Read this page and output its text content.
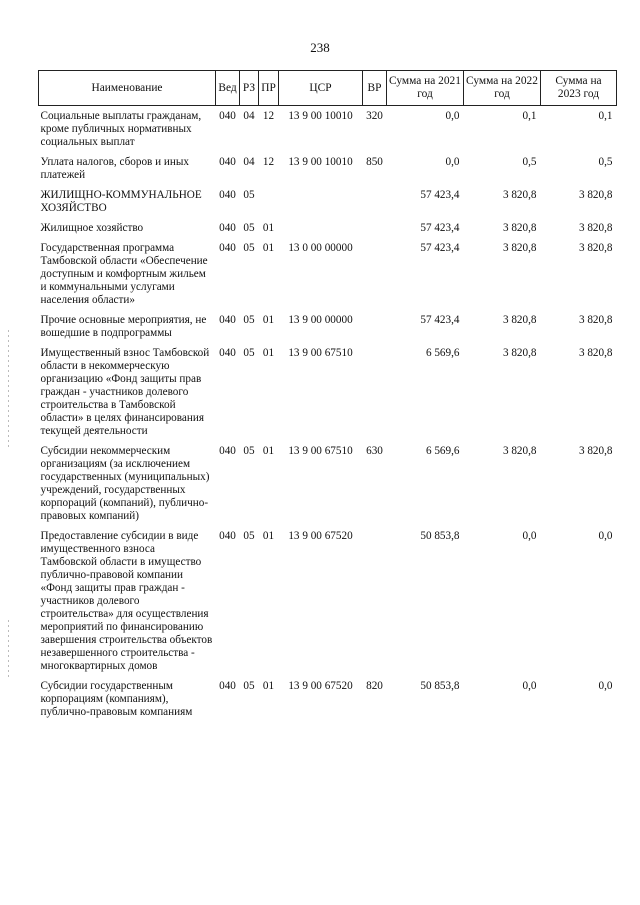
238
Наименование	Вед	РЗ	ПР	ЦСР	ВР	Сумма на 2021 год	Сумма на 2022 год	Сумма на 2023 год
Социальные выплаты гражданам, кроме публичных нормативных социальных выплат	040	04	12	13 9 00 10010	320	0,0	0,1	0,1
Уплата налогов, сборов и иных платежей	040	04	12	13 9 00 10010	850	0,0	0,5	0,5
ЖИЛИЩНО-КОММУНАЛЬНОЕ ХОЗЯЙСТВО	040	05				57 423,4	3 820,8	3 820,8
Жилищное хозяйство	040	05	01			57 423,4	3 820,8	3 820,8
Государственная программа Тамбовской области «Обеспечение доступным и комфортным жильем и коммунальными услугами населения области»	040	05	01	13 0 00 00000		57 423,4	3 820,8	3 820,8
Прочие основные мероприятия, не вошедшие в подпрограммы	040	05	01	13 9 00 00000		57 423,4	3 820,8	3 820,8
Имущественный взнос Тамбовской области в некоммерческую организацию «Фонд защиты прав граждан - участников долевого строительства в Тамбовской области» в целях финансирования текущей деятельности	040	05	01	13 9 00 67510		6 569,6	3 820,8	3 820,8
Субсидии некоммерческим организациям (за исключением государственных (муниципальных) учреждений, государственных корпораций (компаний), публично-правовых компаний)	040	05	01	13 9 00 67510	630	6 569,6	3 820,8	3 820,8
Предоставление субсидии в виде имущественного взноса Тамбовской области в имущество публично-правовой компании «Фонд защиты прав граждан - участников долевого строительства» для осуществления мероприятий по финансированию завершения строительства объектов незавершенного строительства - многоквартирных домов	040	05	01	13 9 00 67520		50 853,8	0,0	0,0
Субсидии государственным корпорациям (компаниям), публично-правовым компаниям	040	05	01	13 9 00 67520	820	50 853,8	0,0	0,0
